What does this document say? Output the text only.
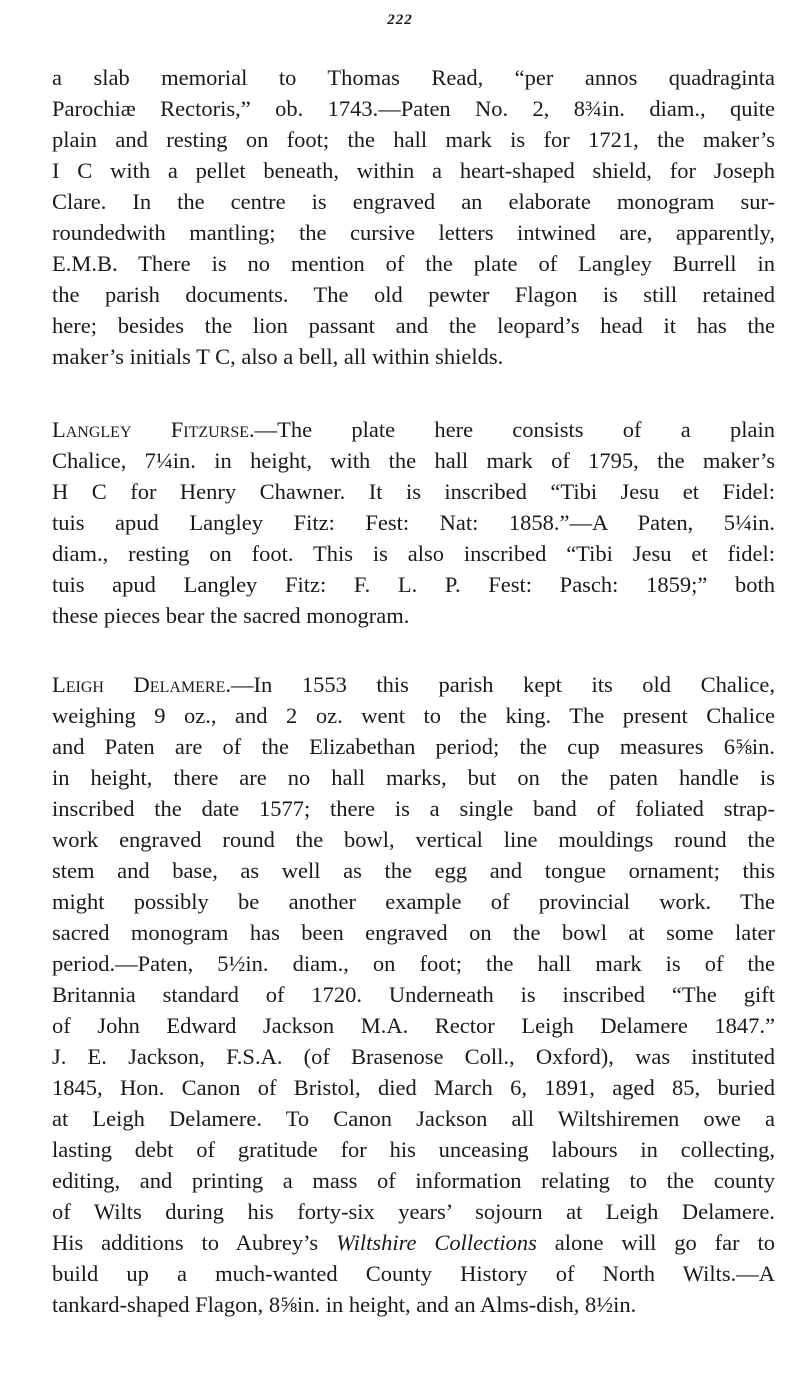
222
a slab memorial to Thomas Read, “per annos quadraginta
Parochiæ Rectoris,” ob. 1743.—Paten No. 2, 8¾in. diam., quite
plain and resting on foot; the hall mark is for 1721, the maker’s
I C with a pellet beneath, within a heart-shaped shield, for Joseph
Clare. In the centre is engraved an elaborate monogram sur-
roundedwith mantling; the cursive letters intwined are, apparently,
E.M.B. There is no mention of the plate of Langley Burrell in
the parish documents. The old pewter Flagon is still retained
here; besides the lion passant and the leopard’s head it has the
maker’s initials T C, also a bell, all within shields.
Langley Fitzurse.—The plate here consists of a plain
Chalice, 7¼in. in height, with the hall mark of 1795, the maker’s
H C for Henry Chawner. It is inscribed “Tibi Jesu et Fidel:
tuis apud Langley Fitz: Fest: Nat: 1858.”—A Paten, 5¼in.
diam., resting on foot. This is also inscribed “Tibi Jesu et fidel:
tuis apud Langley Fitz: F. L. P. Fest: Pasch: 1859;” both
these pieces bear the sacred monogram.
Leigh Delamere.—In 1553 this parish kept its old Chalice,
weighing 9 oz., and 2 oz. went to the king. The present Chalice
and Paten are of the Elizabethan period; the cup measures 6⅝in.
in height, there are no hall marks, but on the paten handle is
inscribed the date 1577; there is a single band of foliated strap-
work engraved round the bowl, vertical line mouldings round the
stem and base, as well as the egg and tongue ornament; this
might possibly be another example of provincial work. The
sacred monogram has been engraved on the bowl at some later
period.—Paten, 5½in. diam., on foot; the hall mark is of the
Britannia standard of 1720. Underneath is inscribed “The gift
of John Edward Jackson M.A. Rector Leigh Delamere 1847.”
J. E. Jackson, F.S.A. (of Brasenose Coll., Oxford), was instituted
1845, Hon. Canon of Bristol, died March 6, 1891, aged 85, buried
at Leigh Delamere. To Canon Jackson all Wiltshiremen owe a
lasting debt of gratitude for his unceasing labours in collecting,
editing, and printing a mass of information relating to the county
of Wilts during his forty-six years’ sojourn at Leigh Delamere.
His additions to Aubrey’s Wiltshire Collections alone will go far to
build up a much-wanted County History of North Wilts.—A
tankard-shaped Flagon, 8⅝in. in height, and an Alms-dish, 8½in.
